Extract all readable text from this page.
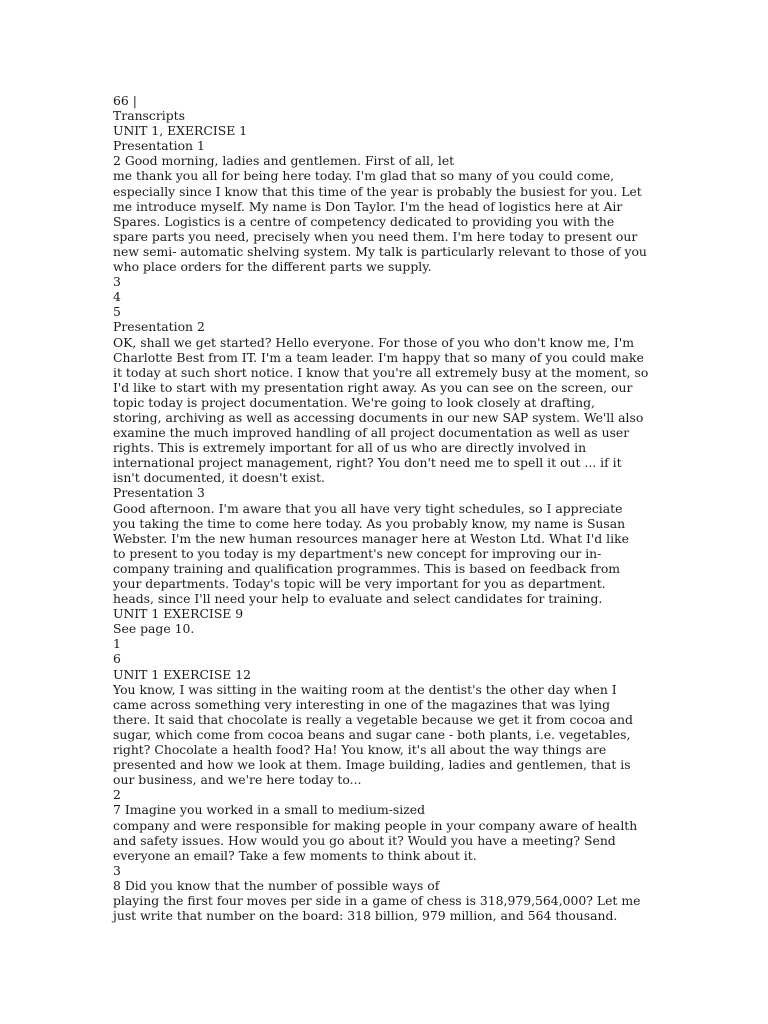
66 |
Transcripts
UNIT 1, EXERCISE 1
Presentation 1
2 Good morning, ladies and gentlemen. First of all, let
me thank you all for being here today. I'm glad that so many of you could come,
especially since I know that this time of the year is probably the busiest for you. Let
me introduce myself. My name is Don Taylor. I'm the head of logistics here at Air
Spares. Logistics is a centre of competency dedicated to providing you with the
spare parts you need, precisely when you need them. I'm here today to present our
new semi- automatic shelving system. My talk is particularly relevant to those of you
who place orders for the different parts we supply.
3
4
5
Presentation 2
OK, shall we get started? Hello everyone. For those of you who don't know me, I'm
Charlotte Best from IT. I'm a team leader. I'm happy that so many of you could make
it today at such short notice. I know that you're all extremely busy at the moment, so
I'd like to start with my presentation right away. As you can see on the screen, our
topic today is project documentation. We're going to look closely at drafting,
storing, archiving as well as accessing documents in our new SAP system. We'll also
examine the much improved handling of all project documentation as well as user
rights. This is extremely important for all of us who are directly involved in
international project management, right? You don't need me to spell it out ... if it
isn't documented, it doesn't exist.
Presentation 3
Good afternoon. I'm aware that you all have very tight schedules, so I appreciate
you taking the time to come here today. As you probably know, my name is Susan
Webster. I'm the new human resources manager here at Weston Ltd. What I'd like
to present to you today is my department's new concept for improving our in-
company training and qualification programmes. This is based on feedback from
your departments. Today's topic will be very important for you as department.
heads, since I'll need your help to evaluate and select candidates for training.
UNIT 1 EXERCISE 9
See page 10.
1
6
UNIT 1 EXERCISE 12
You know, I was sitting in the waiting room at the dentist's the other day when I
came across something very interesting in one of the magazines that was lying
there. It said that chocolate is really a vegetable because we get it from cocoa and
sugar, which come from cocoa beans and sugar cane - both plants, i.e. vegetables,
right? Chocolate a health food? Ha! You know, it's all about the way things are
presented and how we look at them. Image building, ladies and gentlemen, that is
our business, and we're here today to...
2
7 Imagine you worked in a small to medium-sized
company and were responsible for making people in your company aware of health
and safety issues. How would you go about it? Would you have a meeting? Send
everyone an email? Take a few moments to think about it.
3
8 Did you know that the number of possible ways of
playing the first four moves per side in a game of chess is 318,979,564,000? Let me
just write that number on the board: 318 billion, 979 million, and 564 thousand.
